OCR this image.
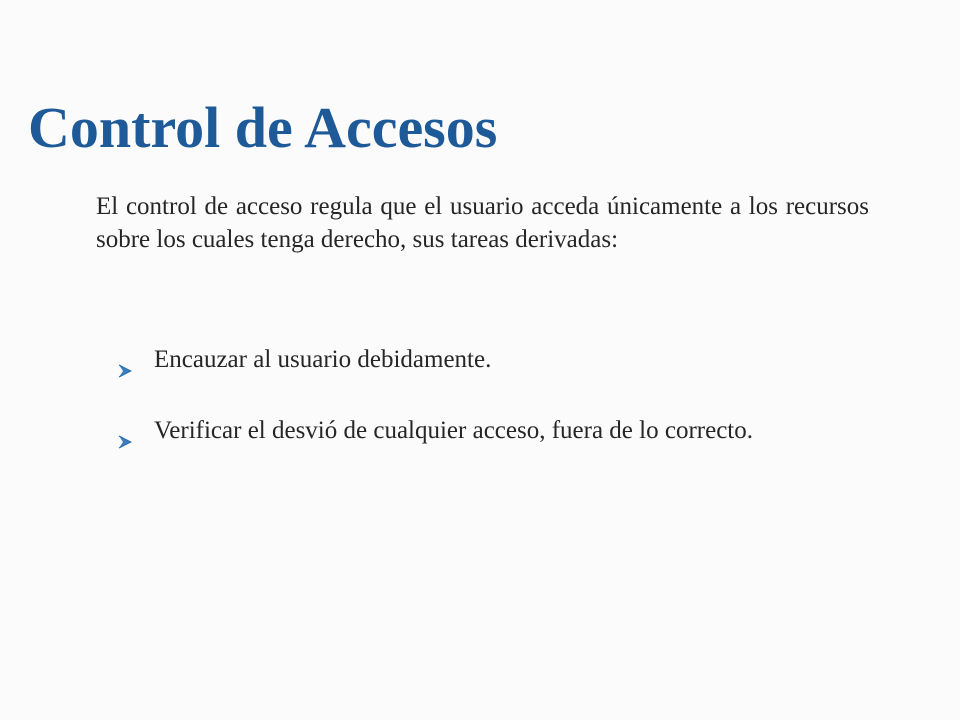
Control de Accesos

El control de acceso regula que el usuario acceda únicamente a los recursos sobre los cuales tenga derecho, sus tareas derivadas:

Encauzar al usuario debidamente.
Verificar el desvió de cualquier acceso, fuera de lo correcto.
